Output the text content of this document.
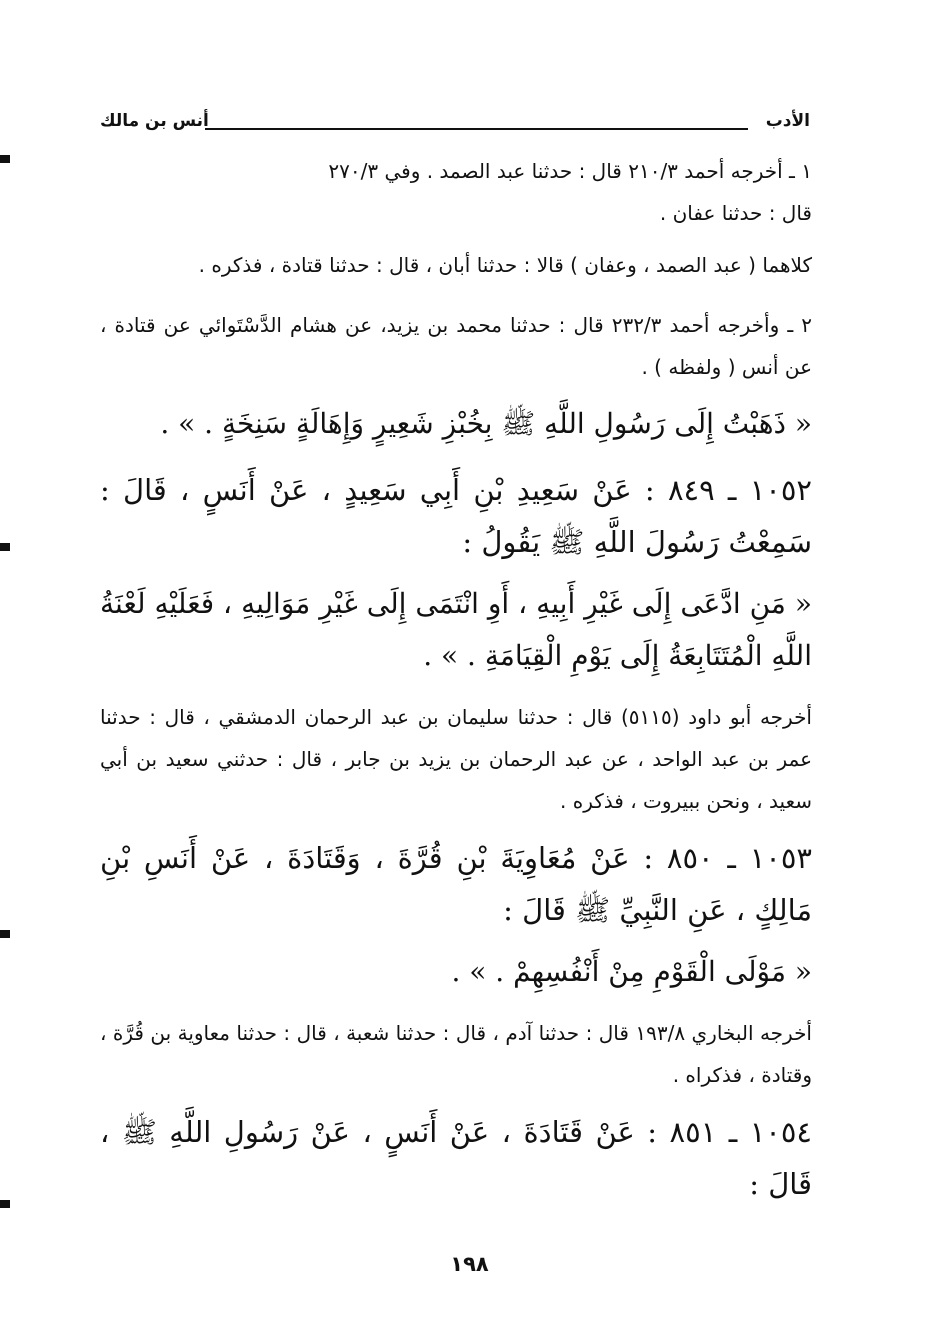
الأدب
أنس بن مالك

١ ـ أخرجه أحمد ٢١٠/٣ قال : حدثنا عبد الصمد . وفي ٢٧٠/٣

قال : حدثنا عفان .

كلاهما ( عبد الصمد ، وعفان ) قالا : حدثنا أبان ، قال : حدثنا قتادة ، فذكره .

٢ ـ وأخرجه أحمد ٢٣٢/٣ قال : حدثنا محمد بن يزيد، عن هشام الدَّسْتَوائي عن قتادة ، عن أنس ( ولفظه ) .

« ذَهَبْتُ إِلَى رَسُولِ اللَّهِ ﷺ بِخُبْزِ شَعِيرٍ وَإِهَالَةٍ سَنِخَةٍ . » .

١٠٥٢ ـ ٨٤٩ : عَنْ سَعِيدِ بْنِ أَبِي سَعِيدٍ ، عَنْ أَنَسٍ ، قَالَ : سَمِعْتُ رَسُولَ اللَّهِ ﷺ يَقُولُ :

« مَنِ ادَّعَى إِلَى غَيْرِ أَبِيهِ ، أَوِ انْتَمَى إِلَى غَيْرِ مَوَالِيهِ ، فَعَلَيْهِ لَعْنَةُ اللَّهِ الْمُتَتَابِعَةُ إِلَى يَوْمِ الْقِيَامَةِ . » .

أخرجه أبو داود (٥١١٥) قال : حدثنا سليمان بن عبد الرحمان الدمشقي ، قال : حدثنا عمر بن عبد الواحد ، عن عبد الرحمان بن يزيد بن جابر ، قال : حدثني سعيد بن أبي سعيد ، ونحن ببيروت ، فذكره .

١٠٥٣ ـ ٨٥٠ : عَنْ مُعَاوِيَةَ بْنِ قُرَّةَ ، وَقَتَادَةَ ، عَنْ أَنَسِ بْنِ مَالِكٍ ، عَنِ النَّبِيِّ ﷺ قَالَ :

« مَوْلَى الْقَوْمِ مِنْ أَنْفُسِهِمْ . » .

أخرجه البخاري ١٩٣/٨ قال : حدثنا آدم ، قال : حدثنا شعبة ، قال : حدثنا معاوية بن قُرَّة ، وقتادة ، فذكراه .

١٠٥٤ ـ ٨٥١ : عَنْ قَتَادَةَ ، عَنْ أَنَسٍ ، عَنْ رَسُولِ اللَّهِ ﷺ ، قَالَ :

١٩٨
